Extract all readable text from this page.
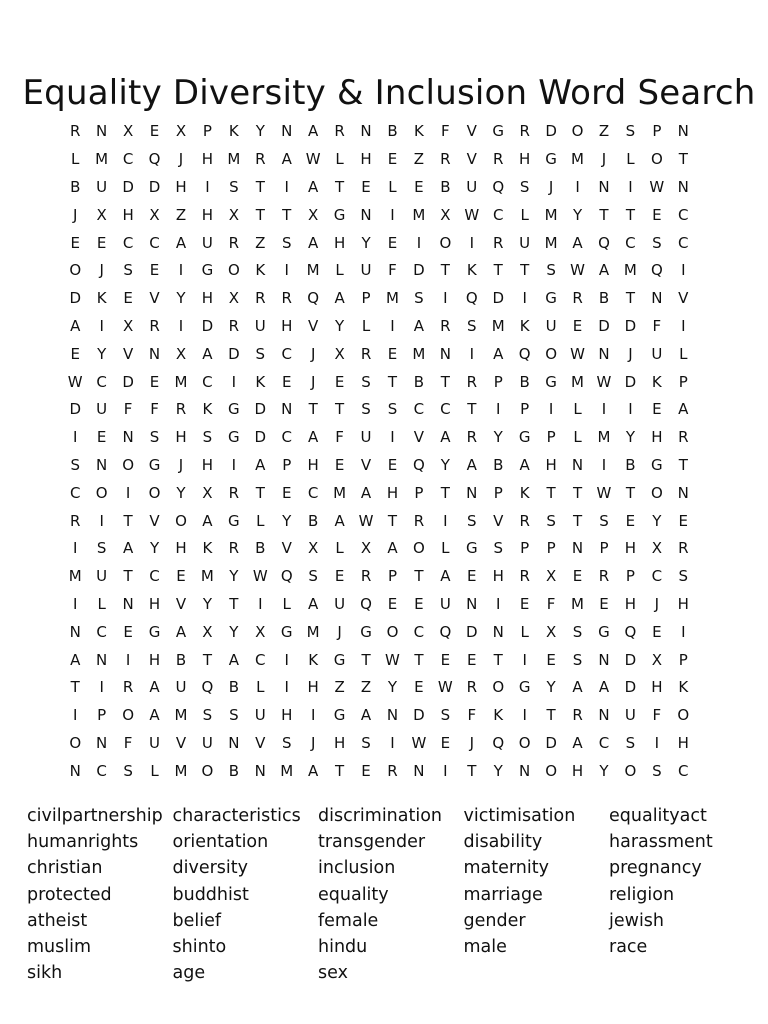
Equality Diversity & Inclusion Word Search
R	N	X	E	X	P	K	Y	N	A	R	N	B	K	F	V	G	R	D O	Z	S	P	N
L	M C	Q	J	H M R	A W L	H	E	Z	R	V	R	H G M	J	L	O	T
B	U	D D	H	I	S	T	I	A	T	E	L	E	B	U	Q	S	J	I	N	I	W N
J	X	H	X	Z	H	X	T	T	X	G	N	I	M X W C	L	M	Y	T	T	E	C
E	E	C	C	A	U	R	Z	S	A	H	Y	E	I	O	I	R	U M A	Q	C	S	C
O	J	S	E	I	G O	K	I	M	L	U	F	D	T	K	T	T	S W A M Q	I
D	K	E	V	Y	H	X	R	R	Q	A	P	M	S	I	Q D	I	G	R	B	T	N	V
A	I	X	R	I	D	R	U	H	V	Y	L	I	A	R	S	M	K	U	E	D D	F	I
E	Y	V	N	X	A	D	S	C	J	X	R	E	M N	I	A	Q O W N	J	U	L
W C	D	E	M C	I	K	E	J	E	S	T	B	T	R	P	B	G M W D	K	P
D	U	F	F	R	K	G D	N	T	T	S	S	C	C	T	I	P	I	L	I	I	E	A
I	E	N	S	H	S	G D	C	A	F	U	I	V	A	R	Y	G	P	L	M	Y	H	R
S	N O G	J	H	I	A	P	H	E	V	E	Q	Y	A	B	A	H	N	I	B	G	T
C	O	I	O	Y	X	R	T	E	C M A	H	P	T	N	P	K	T	T W T	O N
R	I	T	V	O	A	G	L	Y	B	A W T	R	I	S	V	R	S	T	S	E	Y	E
I	S	A	Y	H	K	R	B	V	X	L	X	A	O	L	G	S	P	P	N	P	H	X	R
M U	T	C	E	M	Y W Q	S	E	R	P	T	A	E	H	R	X	E	R	P	C	S
I	L	N	H	V	Y	T	I	L	A	U	Q	E	E	U	N	I	E	F	M	E	H	J	H
N	C	E	G	A	X	Y	X	G M	J	G O	C	Q D	N	L	X	S	G Q	E	I
A	N	I	H	B	T	A	C	I	K	G	T W T	E	E	T	I	E	S	N	D	X	P
T	I	R	A	U	Q	B	L	I	H	Z	Z	Y	E W R	O G	Y	A	A	D	H	K
I	P	O	A M	S	S	U	H	I	G	A	N	D	S	F	K	I	T	R	N	U	F	O
O N	F	U	V	U	N	V	S	J	H	S	I	W E	J	Q O D	A	C	S	I	H
N	C	S	L	M O	B	N M A	T	E	R	N	I	T	Y	N O H	Y	O	S	C
civilpartnership
humanrights
christian
protected
atheist
muslim
sikh
characteristics
orientation
diversity
buddhist
belief
shinto
age
discrimination
transgender
inclusion
equality
female
hindu
sex
victimisation
disability
maternity
marriage
gender
male
equalityact
harassment
pregnancy
religion
jewish
race
